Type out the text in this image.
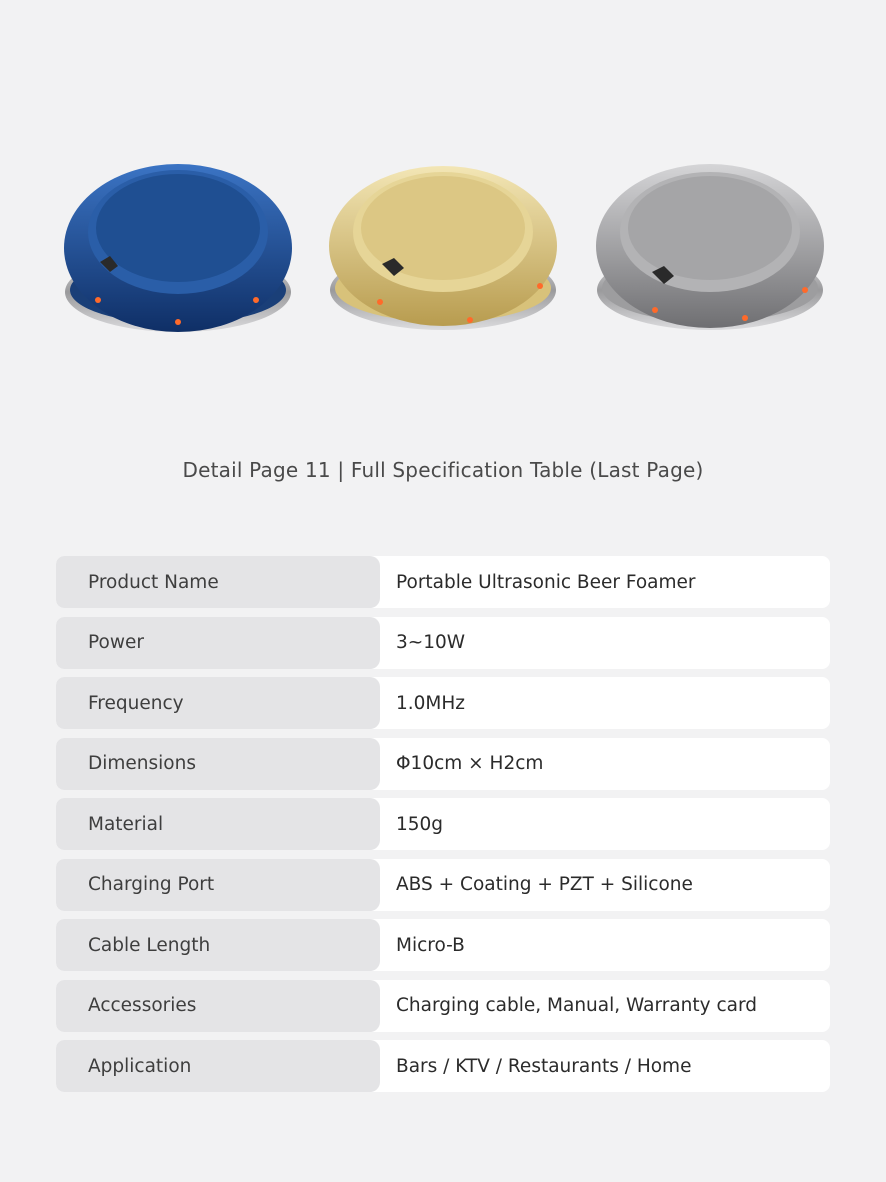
Detail Page 11 | Full Specification Table (Last Page)
Product Name	Portable Ultrasonic Beer Foamer
Power	3~10W
Frequency	1.0MHz
Dimensions	Φ10cm × H2cm
Material	150g
Charging Port	ABS + Coating + PZT + Silicone
Cable Length	Micro-B
Accessories	Charging cable, Manual, Warranty card
Application	Bars / KTV / Restaurants / Home
